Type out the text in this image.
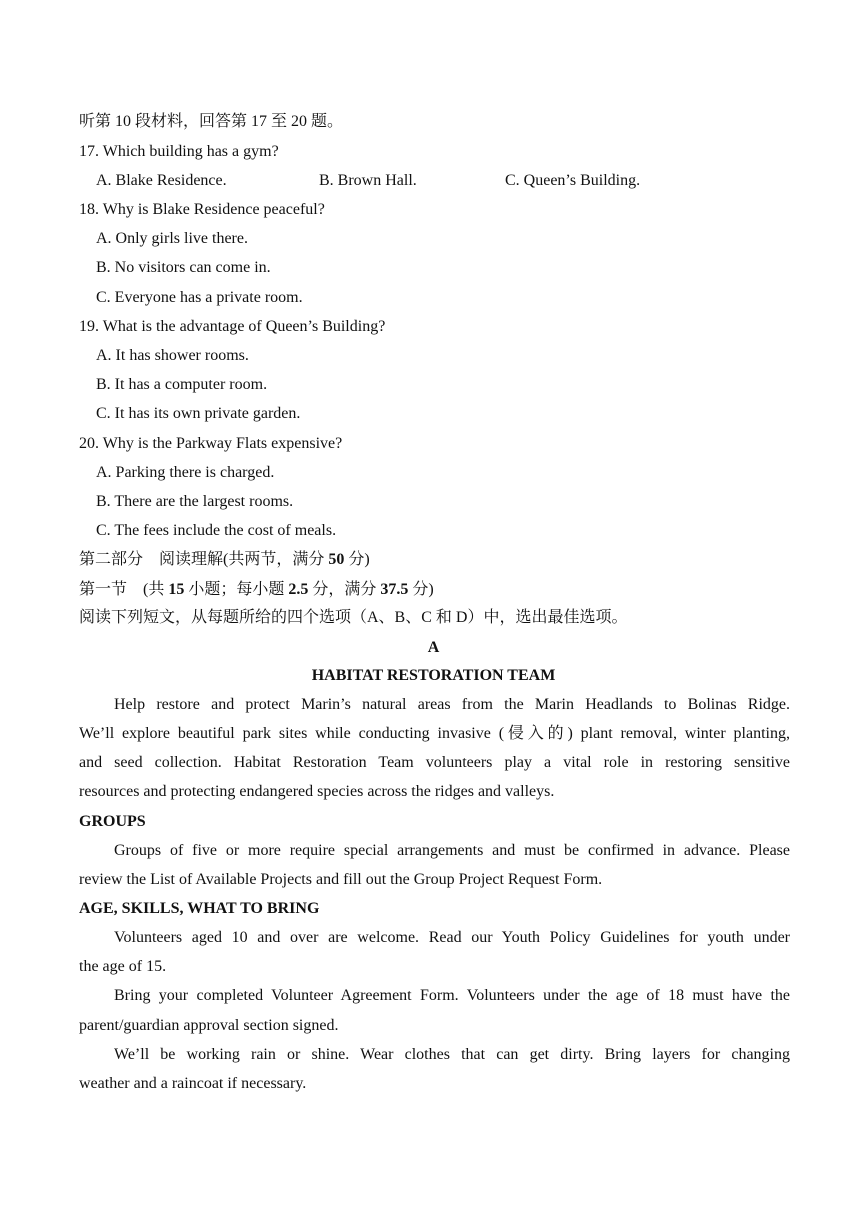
听第 10 段材料，回答第 17 至 20 题。
17. Which building has a gym?
A. Blake Residence.	B. Brown Hall.	C. Queen’s Building.
18. Why is Blake Residence peaceful?
A. Only girls live there.
B. No visitors can come in.
C. Everyone has a private room.
19. What is the advantage of Queen’s Building?
A. It has shower rooms.
B. It has a computer room.
C. It has its own private garden.
20. Why is the Parkway Flats expensive?
A. Parking there is charged.
B. There are the largest rooms.
C. The fees include the cost of meals.
第二部分　阅读理解(共两节，满分 50 分)
第一节　(共 15 小题；每小题 2.5 分，满分 37.5 分)
阅读下列短文，从每题所给的四个选项（A、B、C 和 D）中，选出最佳选项。
A
HABITAT RESTORATION TEAM
Help restore and protect Marin’s natural areas from the Marin Headlands to Bolinas Ridge.
We’ll explore beautiful park sites while conducting invasive (侵入的) plant removal, winter planting,
and seed collection. Habitat Restoration Team volunteers play a vital role in restoring sensitive
resources and protecting endangered species across the ridges and valleys.
GROUPS
Groups of five or more require special arrangements and must be confirmed in advance. Please
review the List of Available Projects and fill out the Group Project Request Form.
AGE, SKILLS, WHAT TO BRING
Volunteers aged 10 and over are welcome. Read our Youth Policy Guidelines for youth under
the age of 15.
Bring your completed Volunteer Agreement Form. Volunteers under the age of 18 must have the
parent/guardian approval section signed.
We’ll be working rain or shine. Wear clothes that can get dirty. Bring layers for changing
weather and a raincoat if necessary.
